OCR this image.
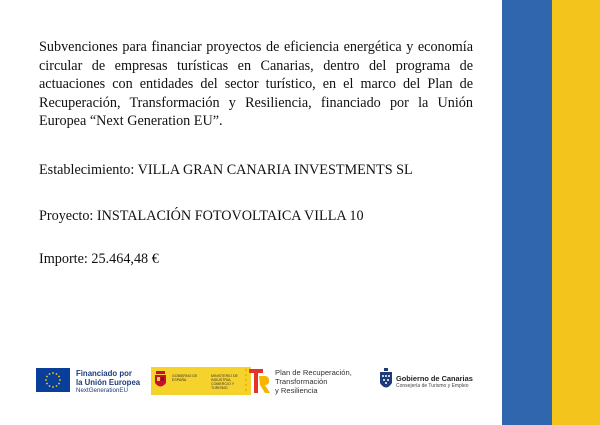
Subvenciones para financiar proyectos de eficiencia energética y economía circular de empresas turísticas en Canarias, dentro del programa de actuaciones con entidades del sector turístico, en el marco del Plan de Recuperación, Transformación y Resiliencia, financiado por la Unión Europea “Next Generation EU”.

Establecimiento: VILLA GRAN CANARIA INVESTMENTS SL

Proyecto: INSTALACIÓN FOTOVOLTAICA VILLA 10

Importe: 25.464,48 €

Financiado por
la Unión Europea
NextGenerationEU
GOBIERNO DE ESPAÑA
MINISTERIO DE INDUSTRIA, COMERCIO Y TURISMO
Plan de Recuperación,
Transformación
y Resiliencia
Gobierno de Canarias
Consejería de Turismo y Empleo
